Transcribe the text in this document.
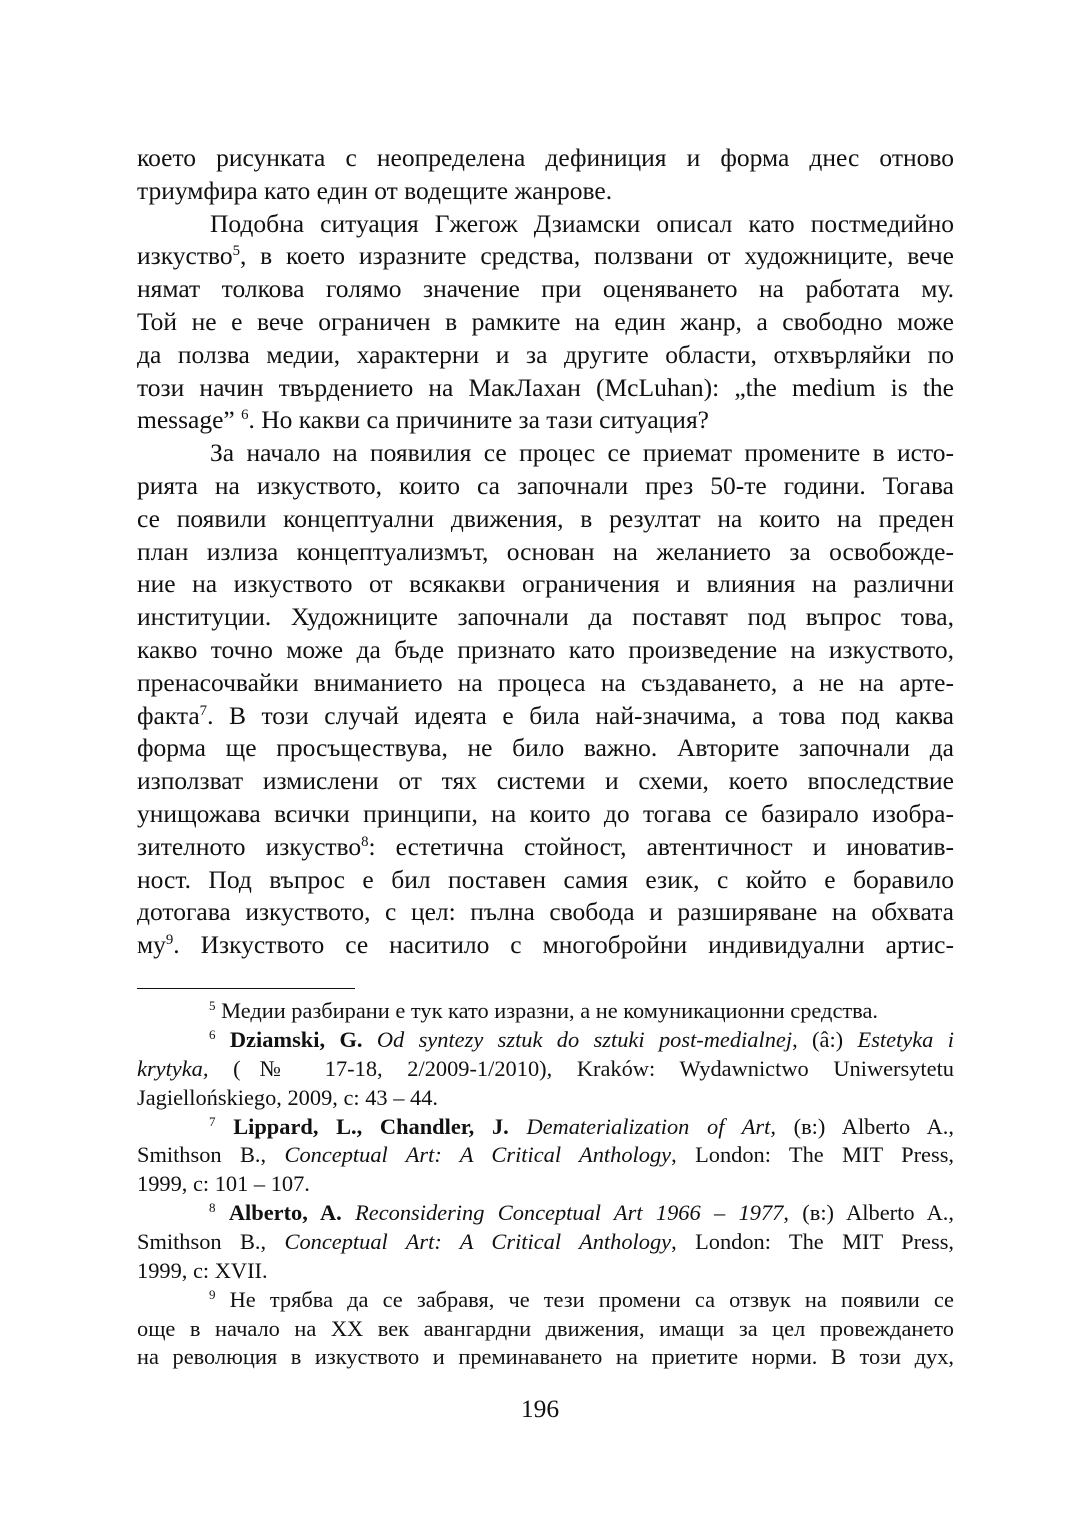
което рисунката с неопределена дефиниция и форма днес отново
триумфира като един от водещите жанрове.
Подобна ситуация Гжегож Дзиамски описал като постмедийно
изкуство$^5$, в което изразните средства, ползвани от художниците, вече
нямат толкова голямо значение при оценяването на работата му.
Той не е вече ограничен в рамките на един жанр, а свободно може
да ползва медии, характерни и за другите области, отхвърляйки по
този начин твърдението на МакЛахан (McLuhan): „the medium is the
message” $^6$. Но какви са причините за тази ситуация?
За начало на появилия се процес се приемат промените в исто-
рията на изкуството, които са започнали през 50-те години. Тогава
се появили концептуални движения, в резултат на които на преден
план излиза концептуализмът, основан на желанието за освобожде-
ние на изкуството от всякакви ограничения и влияния на различни
институции. Художниците започнали да поставят под въпрос това,
какво точно може да бъде признато като произведение на изкуството,
пренасочвайки вниманието на процеса на създаването, а не на арте-
факта$^7$. В този случай идеята е била най-значима, а това под каква
форма ще просъществува, не било важно. Авторите започнали да
използват измислени от тях системи и схеми, което впоследствие
унищожава всички принципи, на които до тогава се базирало изобра-
зителното изкуство$^8$: естетична стойност, автентичност и иноватив-
ност. Под въпрос е бил поставен самия език, с който е боравило
дотогава изкуството, с цел: пълна свобода и разширяване на обхвата
$му^9$. Изкуството се наситило с многобройни индивидуални артис-
$^5$ Медии разбирани е тук като изразни, а не комуникационни средства.
$^6$ Dziamski, G. Od syntezy sztuk do sztuki post-medialnej, (â:) Estetyka i
krytyka, (№ 17-18, 2/2009-1/2010), Kraków: Wydawnictwo Uniwersytetu
Jagiellońskiego, 2009, с: 43 – 44.
$^7$ Lippard, L., Chandler, J. Dematerialization of Art, (в:) Alberto A.,
Smithson B., Conceptual Art: A Critical Anthology, London: The MIT Press,
1999, с: 101 – 107.
$^8$ Alberto, A. Reconsidering Conceptual Art 1966 – 1977, (в:) Alberto A.,
Smithson B., Conceptual Art: A Critical Anthology, London: The MIT Press,
1999, с: XVII.
$^9$ Не трябва да се забравя, че тези промени са отзвук на появили се
още в начало на XX век авангардни движения, имащи за цел провеждането
на революция в изкуството и преминаването на приетите норми. В този дух,
196
